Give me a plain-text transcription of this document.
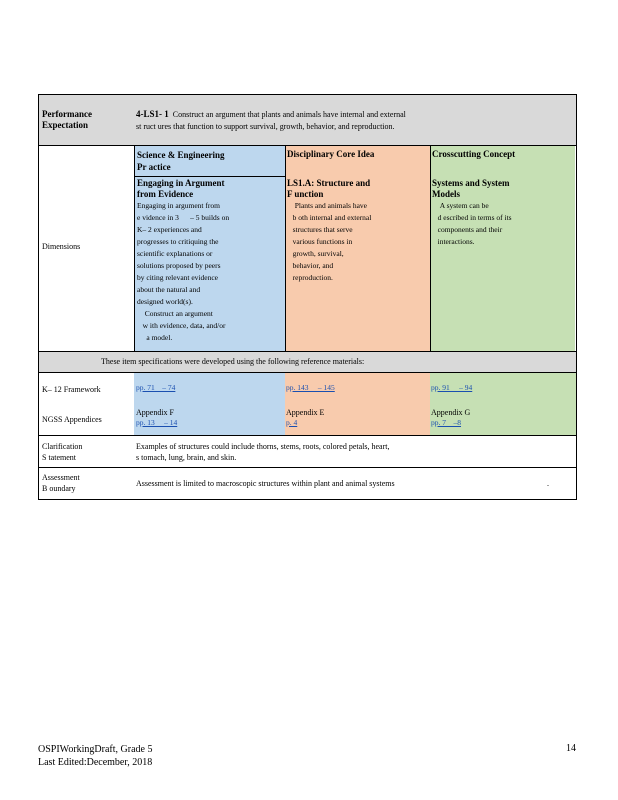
Performance Expectation
4-LS1- 1 Construct an argument that plants and animals have internal and external
st ruct ures that function to support survival, growth, behavior, and reproduction.
Dimensions
Science & Engineering
Pr actice
Engaging in Argument
from Evidence
Engaging in argument from
e vidence in 3      – 5 builds on
K– 2 experiences and
progresses to critiquing the
scientific explanations or
solutions proposed by peers
by citing relevant evidence
about the natural and
designed world(s).
Construct an argument
w ith evidence, data, and/or
a model.
Disciplinary Core Idea
LS1.A: Structure and
F unction
Plants and animals have
b oth internal and external
structures that serve
various functions in
growth, survival,
behavior, and
reproduction.
Crosscutting Concept
Systems and System
Models
A system can be
d escribed in terms of its
components and their
interactions.
These item specifications were developed using the following reference materials:
K– 12 Framework
NGSS Appendices
pp. 71    – 74
Appendix F
pp. 13     – 14
pp. 143     – 145
Appendix E
p. 4
pp. 91     – 94
Appendix G
pp. 7    –8
Clarification
S tatement
Examples of structures could include thorns, stems, roots, colored petals, heart,
s tomach, lung, brain, and skin.
Assessment
B oundary
Assessment is limited to macroscopic structures within plant and animal systems	.
OSPIWorkingDraft, Grade 5
Last Edited:December, 2018
14
